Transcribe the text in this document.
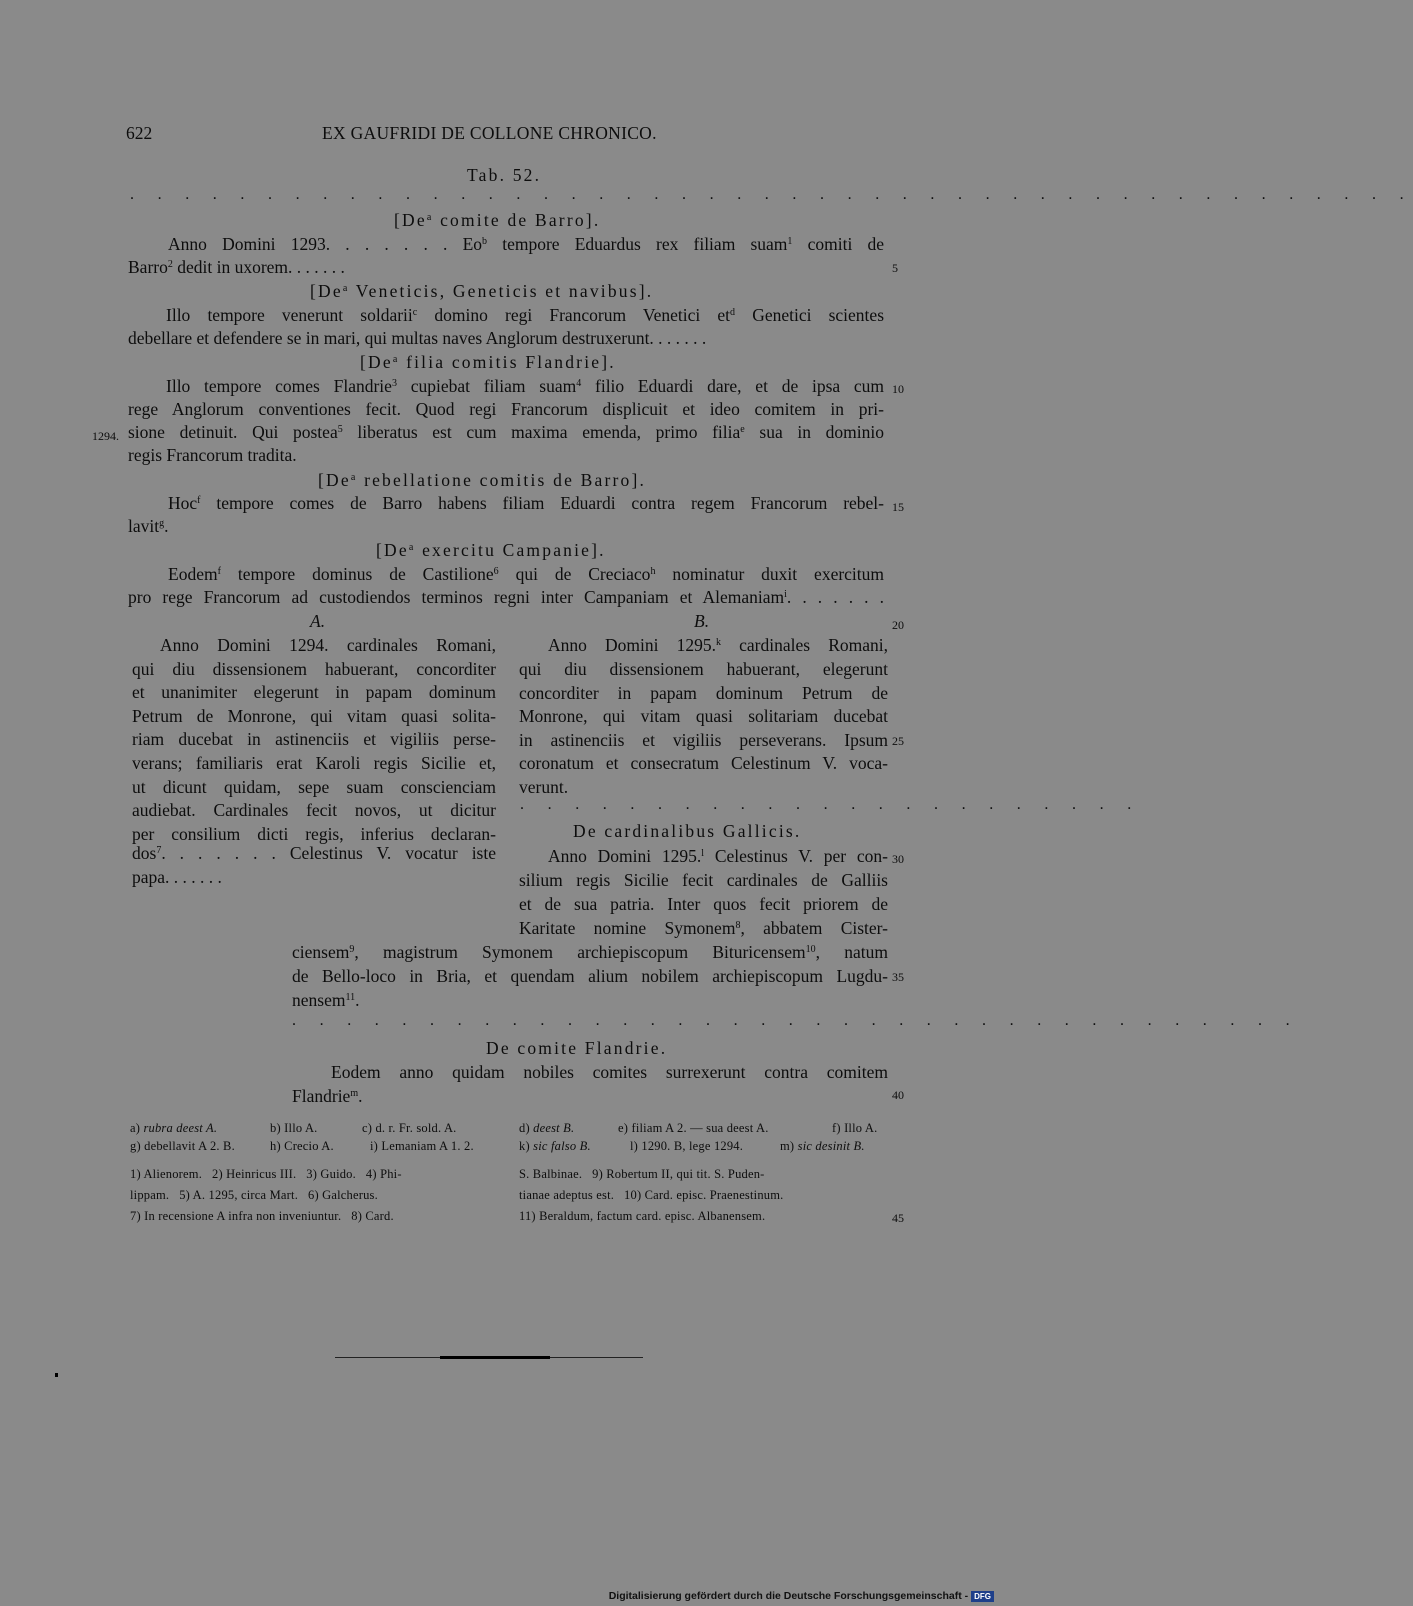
622	EX GAUFRIDI DE COLLONE CHRONICO.
Tab. 52.
. . . . . . . . . . . . . . . . . . . . . . . . . . . . . . . . . . . . . . . . . . . . . . .
[De$^a$ comite de Barro].
Anno Domini 1293. . . . . . . Eo$^b$ tempore Eduardus rex filiam suam$^1$ comiti de
Barro$^2$ dedit in uxorem. . . . . . .
[De$^a$ Veneticis, Geneticis et navibus].
Illo tempore venerunt soldarii$^c$ domino regi Francorum Venetici $et^d$ Genetici scientes
debellare et defendere se in mari, qui multas naves Anglorum destruxerunt. . . . . . .
[De$^a$ filia comitis Flandrie].
Illo tempore comes Flandrie$^3$ cupiebat filiam suam$^4$ filio Eduardi dare, et de ipsa cum
rege Anglorum conventiones fecit. Quod regi Francorum displicuit et ideo comitem in pri-
sione detinuit. Qui postea$^5$ liberatus est cum maxima emenda, primo filia$^e$ sua in dominio
regis Francorum tradita.
[De$^a$ rebellatione comitis de Barro].
Hoc$^f$ tempore comes de Barro habens filiam Eduardi contra regem Francorum rebel-
lavit$^g$.
[De$^a$ exercitu Campanie].
Eodem$^f$ tempore dominus de Castilione$^6$ qui de Creciaco$^h$ nominatur duxit exercitum
pro rege Francorum ad custodiendos terminos regni inter Campaniam et Alemaniam$^i$. . . . . . .
A.
Anno Domini 1294. cardinales Romani,
qui diu dissensionem habuerant, concorditer
et unanimiter elegerunt in papam dominum
Petrum de Monrone, qui vitam quasi solita-
riam ducebat in astinenciis et vigiliis perse-
verans; familiaris erat Karoli regis Sicilie et,
ut dicunt quidam, sepe suam conscienciam
audiebat. Cardinales fecit novos, ut dicitur
per consilium dicti regis, inferius declaran-
dos$^7$. . . . . . . Celestinus V. vocatur iste
papa. . . . . . .
B.
Anno Domini 1295.$^k$ cardinales Romani,
qui diu dissensionem habuerant, elegerunt
concorditer in papam dominum Petrum de
Monrone, qui vitam quasi solitariam ducebat
in astinenciis et vigiliis perseverans. Ipsum
coronatum et consecratum Celestinum V. voca-
verunt.
. . . . . . . . . . . . . . . . . . . . . . .
De cardinalibus Gallicis.
Anno Domini 1295.$^l$ Celestinus V. per con-
silium regis Sicilie fecit cardinales de Galliis
et de sua patria. Inter quos fecit priorem de
Karitate nomine Symonem$^8$, abbatem Cister-
ciensem$^9$, magistrum Symonem archiepiscopum Bituricensem$^{10}$, natum
de Bello-loco in Bria, et quendam alium nobilem archiepiscopum Lugdu-
nensem$^{11}$.
. . . . . . . . . . . . . . . . . . . . . . . . . . . . . . . . . . . . .
De comite Flandrie.
Eodem anno quidam nobiles comites surrexerunt contra comitem
Flandrie$^m$.
5
10
15
20
25
30
35
40
45
1294.
a) rubra deest A.	b) Illo A.	c) d. r. Fr. sold. A.	d) deest B.	e) filiam A 2. — sua deest A.	f) Illo A.
g) debellavit A 2. B.	h) Crecio A.	i) Lemaniam A 1. 2.	k) sic falso B.	l) 1290. B, lege 1294.	m) sic desinit B.
1) Alienorem.   2) Heinricus III.   3) Guido.   4) Phi-
lippam.   5) A. 1295, circa Mart.   6) Galcherus.
7) In recensione A infra non inveniuntur.   8) Card.
S. Balbinae.   9) Robertum II, qui tit. S. Puden-
tianae adeptus est.   10) Card. episc. Praenestinum.
11) Beraldum, factum card. episc. Albanensem.
Digitalisierung gefördert durch die Deutsche Forschungsgemeinschaft - DFG
